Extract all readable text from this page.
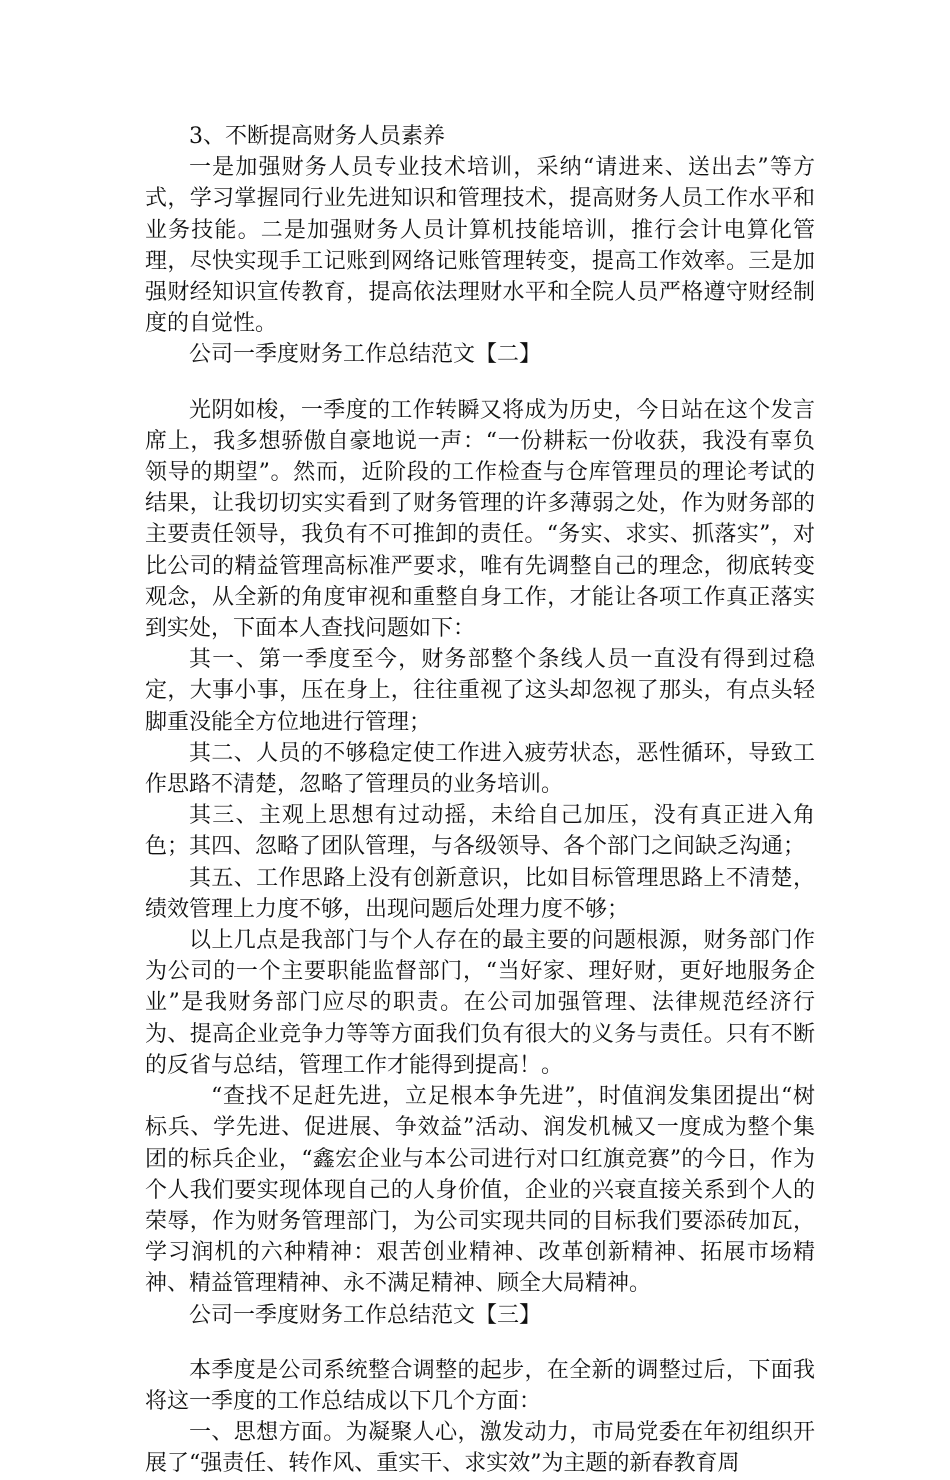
3、不断提高财务人员素养

一是加强财务人员专业技术培训，采纳“请进来、送出去”等方式，学习掌握同行业先进知识和管理技术，提高财务人员工作水平和业务技能。二是加强财务人员计算机技能培训，推行会计电算化管理，尽快实现手工记账到网络记账管理转变，提高工作效率。三是加强财经知识宣传教育，提高依法理财水平和全院人员严格遵守财经制度的自觉性。

公司一季度财务工作总结范文【二】

光阴如梭，一季度的工作转瞬又将成为历史，今日站在这个发言席上，我多想骄傲自豪地说一声：“一份耕耘一份收获，我没有辜负领导的期望”。然而，近阶段的工作检查与仓库管理员的理论考试的结果，让我切切实实看到了财务管理的许多薄弱之处，作为财务部的主要责任领导，我负有不可推卸的责任。“务实、求实、抓落实”，对比公司的精益管理高标准严要求，唯有先调整自己的理念，彻底转变观念，从全新的角度审视和重整自身工作，才能让各项工作真正落实到实处，下面本人查找问题如下：

其一、第一季度至今，财务部整个条线人员一直没有得到过稳定，大事小事，压在身上，往往重视了这头却忽视了那头，有点头轻脚重没能全方位地进行管理；

其二、人员的不够稳定使工作进入疲劳状态，恶性循环，导致工作思路不清楚，忽略了管理员的业务培训。

其三、主观上思想有过动摇，未给自己加压，没有真正进入角色；其四、忽略了团队管理，与各级领导、各个部门之间缺乏沟通；

其五、工作思路上没有创新意识，比如目标管理思路上不清楚，绩效管理上力度不够，出现问题后处理力度不够；

以上几点是我部门与个人存在的最主要的问题根源，财务部门作为公司的一个主要职能监督部门，“当好家、理好财，更好地服务企业”是我财务部门应尽的职责。在公司加强管理、法律规范经济行为、提高企业竞争力等等方面我们负有很大的义务与责任。只有不断的反省与总结，管理工作才能得到提高！。

“查找不足赶先进，立足根本争先进”，时值润发集团提出“树标兵、学先进、促进展、争效益”活动、润发机械又一度成为整个集团的标兵企业，“鑫宏企业与本公司进行对口红旗竞赛”的今日，作为个人我们要实现体现自己的人身价值，企业的兴衰直接关系到个人的荣辱，作为财务管理部门，为公司实现共同的目标我们要添砖加瓦，学习润机的六种精神：艰苦创业精神、改革创新精神、拓展市场精神、精益管理精神、永不满足精神、顾全大局精神。

公司一季度财务工作总结范文【三】

本季度是公司系统整合调整的起步，在全新的调整过后，下面我将这一季度的工作总结成以下几个方面：

一、思想方面。为凝聚人心，激发动力，市局党委在年初组织开展了“强责任、转作风、重实干、求实效”为主题的新春教育周
